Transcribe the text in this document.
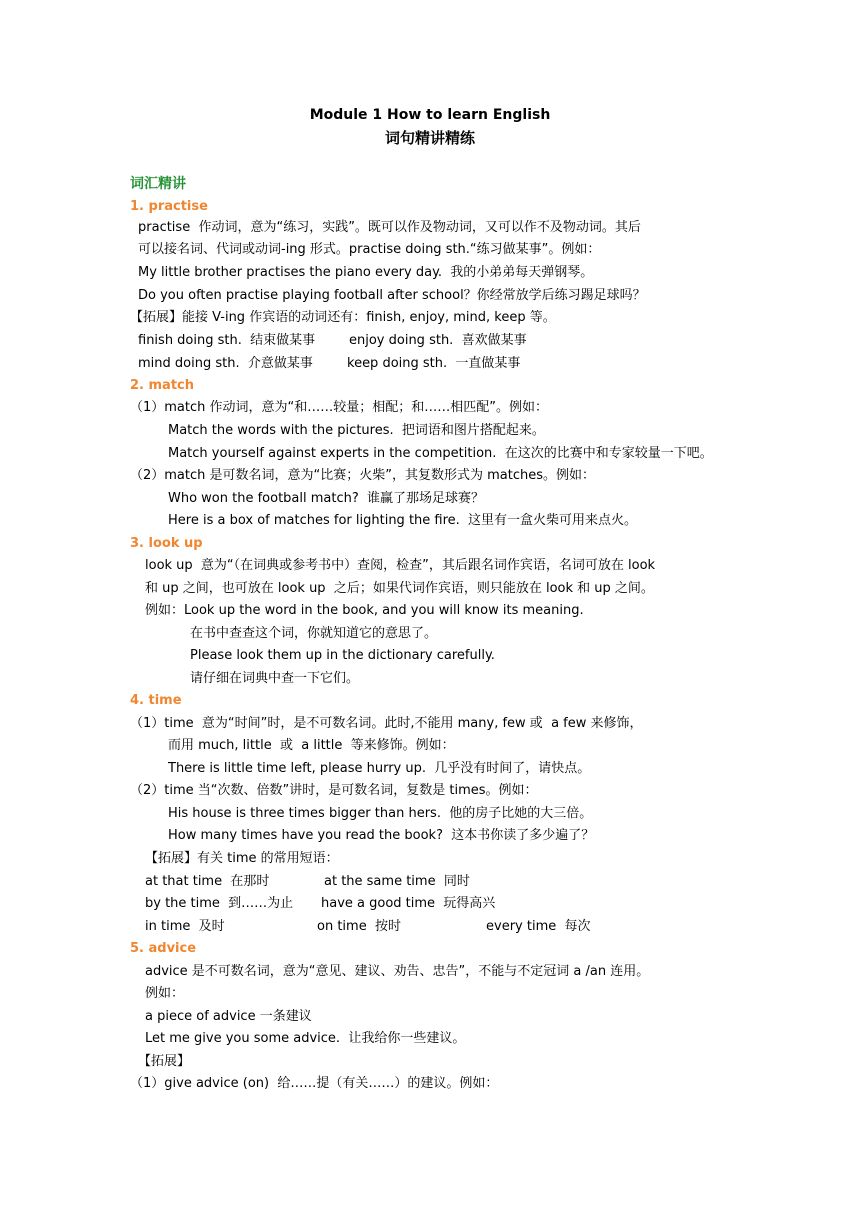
Module 1 How to learn English
词句精讲精练
词汇精讲
1. practise
practise  作动词，意为“练习，实践”。既可以作及物动词，又可以作不及物动词。其后
可以接名词、代词或动词-ing 形式。practise doing sth.“练习做某事”。例如：
My little brother practises the piano every day.  我的小弟弟每天弹钢琴。
Do you often practise playing football after school？你经常放学后练习踢足球吗？
【拓展】能接 V-ing 作宾语的动词还有：finish, enjoy, mind, keep 等。
finish doing sth.  结束做某事	enjoy doing sth.  喜欢做某事
mind doing sth.  介意做某事	keep doing sth.  一直做某事
2. match
（1）match 作动词，意为“和……较量；相配；和……相匹配”。例如：
Match the words with the pictures.  把词语和图片搭配起来。
Match yourself against experts in the competition.  在这次的比赛中和专家较量一下吧。
（2）match 是可数名词，意为“比赛；火柴”，其复数形式为 matches。例如：
Who won the football match?  谁赢了那场足球赛？
Here is a box of matches for lighting the fire.  这里有一盒火柴可用来点火。
3. look up
look up  意为“（在词典或参考书中）查阅，检查”，其后跟名词作宾语，名词可放在 look
和 up 之间，也可放在 look up  之后；如果代词作宾语，则只能放在 look 和 up 之间。
例如：Look up the word in the book, and you will know its meaning.
在书中查查这个词，你就知道它的意思了。
Please look them up in the dictionary carefully.
请仔细在词典中查一下它们。
4. time
（1）time  意为“时间”时，是不可数名词。此时,不能用 many, few 或  a few 来修饰，
而用 much, little  或  a little  等来修饰。例如：
There is little time left, please hurry up.  几乎没有时间了，请快点。
（2）time 当“次数、倍数”讲时，是可数名词，复数是 times。例如：
His house is three times bigger than hers.  他的房子比她的大三倍。
How many times have you read the book?  这本书你读了多少遍了？
【拓展】有关 time 的常用短语：
at that time  在那时	at the same time  同时
by the time  到……为止 have a good time  玩得高兴
in time  及时	on time  按时	every time  每次
5. advice
advice 是不可数名词，意为“意见、建议、劝告、忠告”，不能与不定冠词 a /an 连用。
例如：
a piece of advice 一条建议
Let me give you some advice.  让我给你一些建议。
【拓展】
（1）give advice (on)  给……提（有关……）的建议。例如：
